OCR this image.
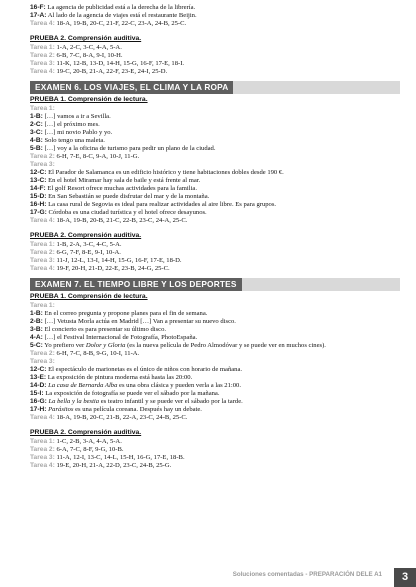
16-F: La agencia de publicidad está a la derecha de la librería.
17-A: Al lado de la agencia de viajes está el restaurante Beijin.
Tarea 4: 18-A, 19-B, 20-C, 21-F, 22-C, 23-A, 24-B, 25-C.
PRUEBA 2. Comprensión auditiva.
Tarea 1: 1-A, 2-C, 3-C, 4-A, 5-A.
Tarea 2: 6-B, 7-C, 8-A, 9-I, 10-H.
Tarea 3: 11-K, 12-B, 13-D, 14-H, 15-G, 16-F, 17-E, 18-I.
Tarea 4: 19-C, 20-B, 21-A, 22-F, 23-E, 24-I, 25-D.
EXAMEN 6. LOS VIAJES, EL CLIMA Y LA ROPA
PRUEBA 1. Comprensión de lectura.
Tarea 1:
1-B: […] vamos a ir a Sevilla.
2-C: […] el próximo mes.
3-C: […] mi novio Pablo y yo.
4-B: Solo tengo una maleta.
5-B: […] voy a la oficina de turismo para pedir un plano de la ciudad.
Tarea 2: 6-H, 7-E, 8-C, 9-A, 10-J, 11-G.
Tarea 3:
12-C: El Parador de Salamanca es un edificio histórico y tiene habitaciones dobles desde 190 €.
13-C: En el hotel Miramar hay sala de baile y está frente al mar.
14-F: El golf Resort ofrece muchas actividades para la familia.
15-D: En San Sebastián se puede disfrutar del mar y de la montaña.
16-H: La casa rural de Segovia es ideal para realizar actividades al aire libre. Es para grupos.
17-G: Córdoba es una ciudad turística y el hotel ofrece desayunos.
Tarea 4: 18-A, 19-B, 20-B, 21-C, 22-B, 23-C, 24-A, 25-C.
PRUEBA 2. Comprensión auditiva.
Tarea 1: 1-B, 2-A, 3-C, 4-C, 5-A.
Tarea 2: 6-G, 7-F, 8-E, 9-I, 10-A.
Tarea 3: 11-J, 12-L, 13-I, 14-H, 15-G, 16-F, 17-E, 18-D.
Tarea 4: 19-F, 20-H, 21-D, 22-E, 23-B, 24-G, 25-C.
EXAMEN 7. EL TIEMPO LIBRE Y LOS DEPORTES
PRUEBA 1. Comprensión de lectura.
Tarea 1:
1-B: En el correo pregunta y propone planes para el fin de semana.
2-B: […] Vetusta Morla actúa en Madrid […] Van a presentar su nuevo disco.
3-B: El concierto es para presentar su último disco.
4-A: […] el Festival Internacional de Fotografía, PhotoEspaña.
5-C: Yo prefiero ver Dolor y Gloria (es la nueva película de Pedro Almodóvar y se puede ver en muchos cines).
Tarea 2: 6-H, 7-C, 8-B, 9-G, 10-I, 11-A.
Tarea 3:
12-C: El espectáculo de marionetas es el único de niños con horario de mañana.
13-E: La exposición de pintura moderna está hasta las 20:00.
14-D: La casa de Bernarda Alba es una obra clásica y pueden verla a las 21:00.
15-I: La exposición de fotografía se puede ver el sábado por la mañana.
16-G: La bella y la bestia es teatro infantil y se puede ver el sábado por la tarde.
17-H: Parásitos es una película coreana. Después hay un debate.
Tarea 4: 18-A, 19-B, 20-C, 21-B, 22-A, 23-C, 24-B, 25-C.
PRUEBA 2. Comprensión auditiva.
Tarea 1: 1-C, 2-B, 3-A, 4-A, 5-A.
Tarea 2: 6-A, 7-C, 8-F, 9-G, 10-B.
Tarea 3: 11-A, 12-I, 13-C, 14-L, 15-H, 16-G, 17-E, 18-B.
Tarea 4: 19-E, 20-H, 21-A, 22-D, 23-C, 24-B, 25-G.
Soluciones comentadas - PREPARACIÓN DELE A1	3
